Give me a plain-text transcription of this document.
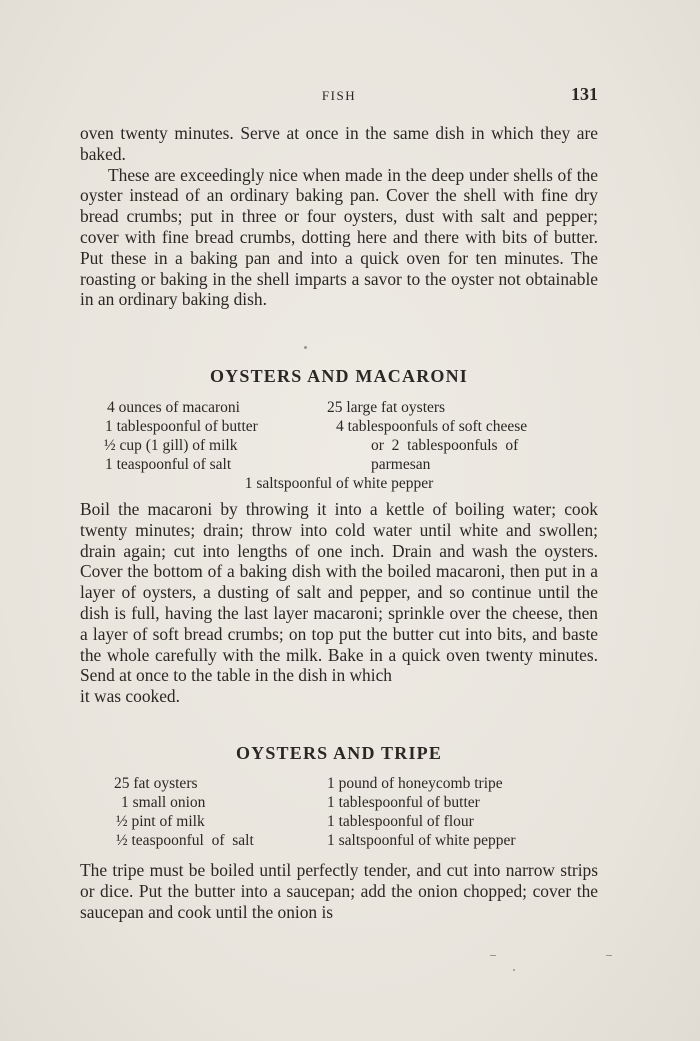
FISH	131

oven twenty minutes. Serve at once in the same dish in which they are baked.

These are exceedingly nice when made in the deep under shells of the oyster instead of an ordinary baking pan. Cover the shell with fine dry bread crumbs; put in three or four oysters, dust with salt and pepper; cover with fine bread crumbs, dotting here and there with bits of butter. Put these in a baking pan and into a quick oven for ten minutes. The roasting or baking in the shell imparts a savor to the oyster not obtainable in an ordinary baking dish.

OYSTERS AND MACARONI
4 ounces of macaroni
1 tablespoonful of butter
½ cup (1 gill) of milk
1 teaspoonful of salt
25 large fat oysters
4 tablespoonfuls of soft cheese
or  2  tablespoonfuls  of
parmesan
1 saltspoonful of white pepper

Boil the macaroni by throwing it into a kettle of boiling water; cook twenty minutes; drain; throw into cold water until white and swollen; drain again; cut into lengths of one inch. Drain and wash the oysters. Cover the bottom of a baking dish with the boiled macaroni, then put in a layer of oysters, a dusting of salt and pepper, and so continue until the dish is full, having the last layer macaroni; sprinkle over the cheese, then a layer of soft bread crumbs; on top put the butter cut into bits, and baste the whole carefully with the milk. Bake in a quick oven twenty minutes. Send at once to the table in the dish in which

it was cooked.

OYSTERS AND TRIPE
25 fat oysters
1 small onion
½ pint of milk
½ teaspoonful  of  salt
1 pound of honeycomb tripe
1 tablespoonful of butter
1 tablespoonful of flour
1 saltspoonful of white pepper

The tripe must be boiled until perfectly tender, and cut into narrow strips or dice. Put the butter into a saucepan; add the onion chopped; cover the saucepan and cook until the onion is
